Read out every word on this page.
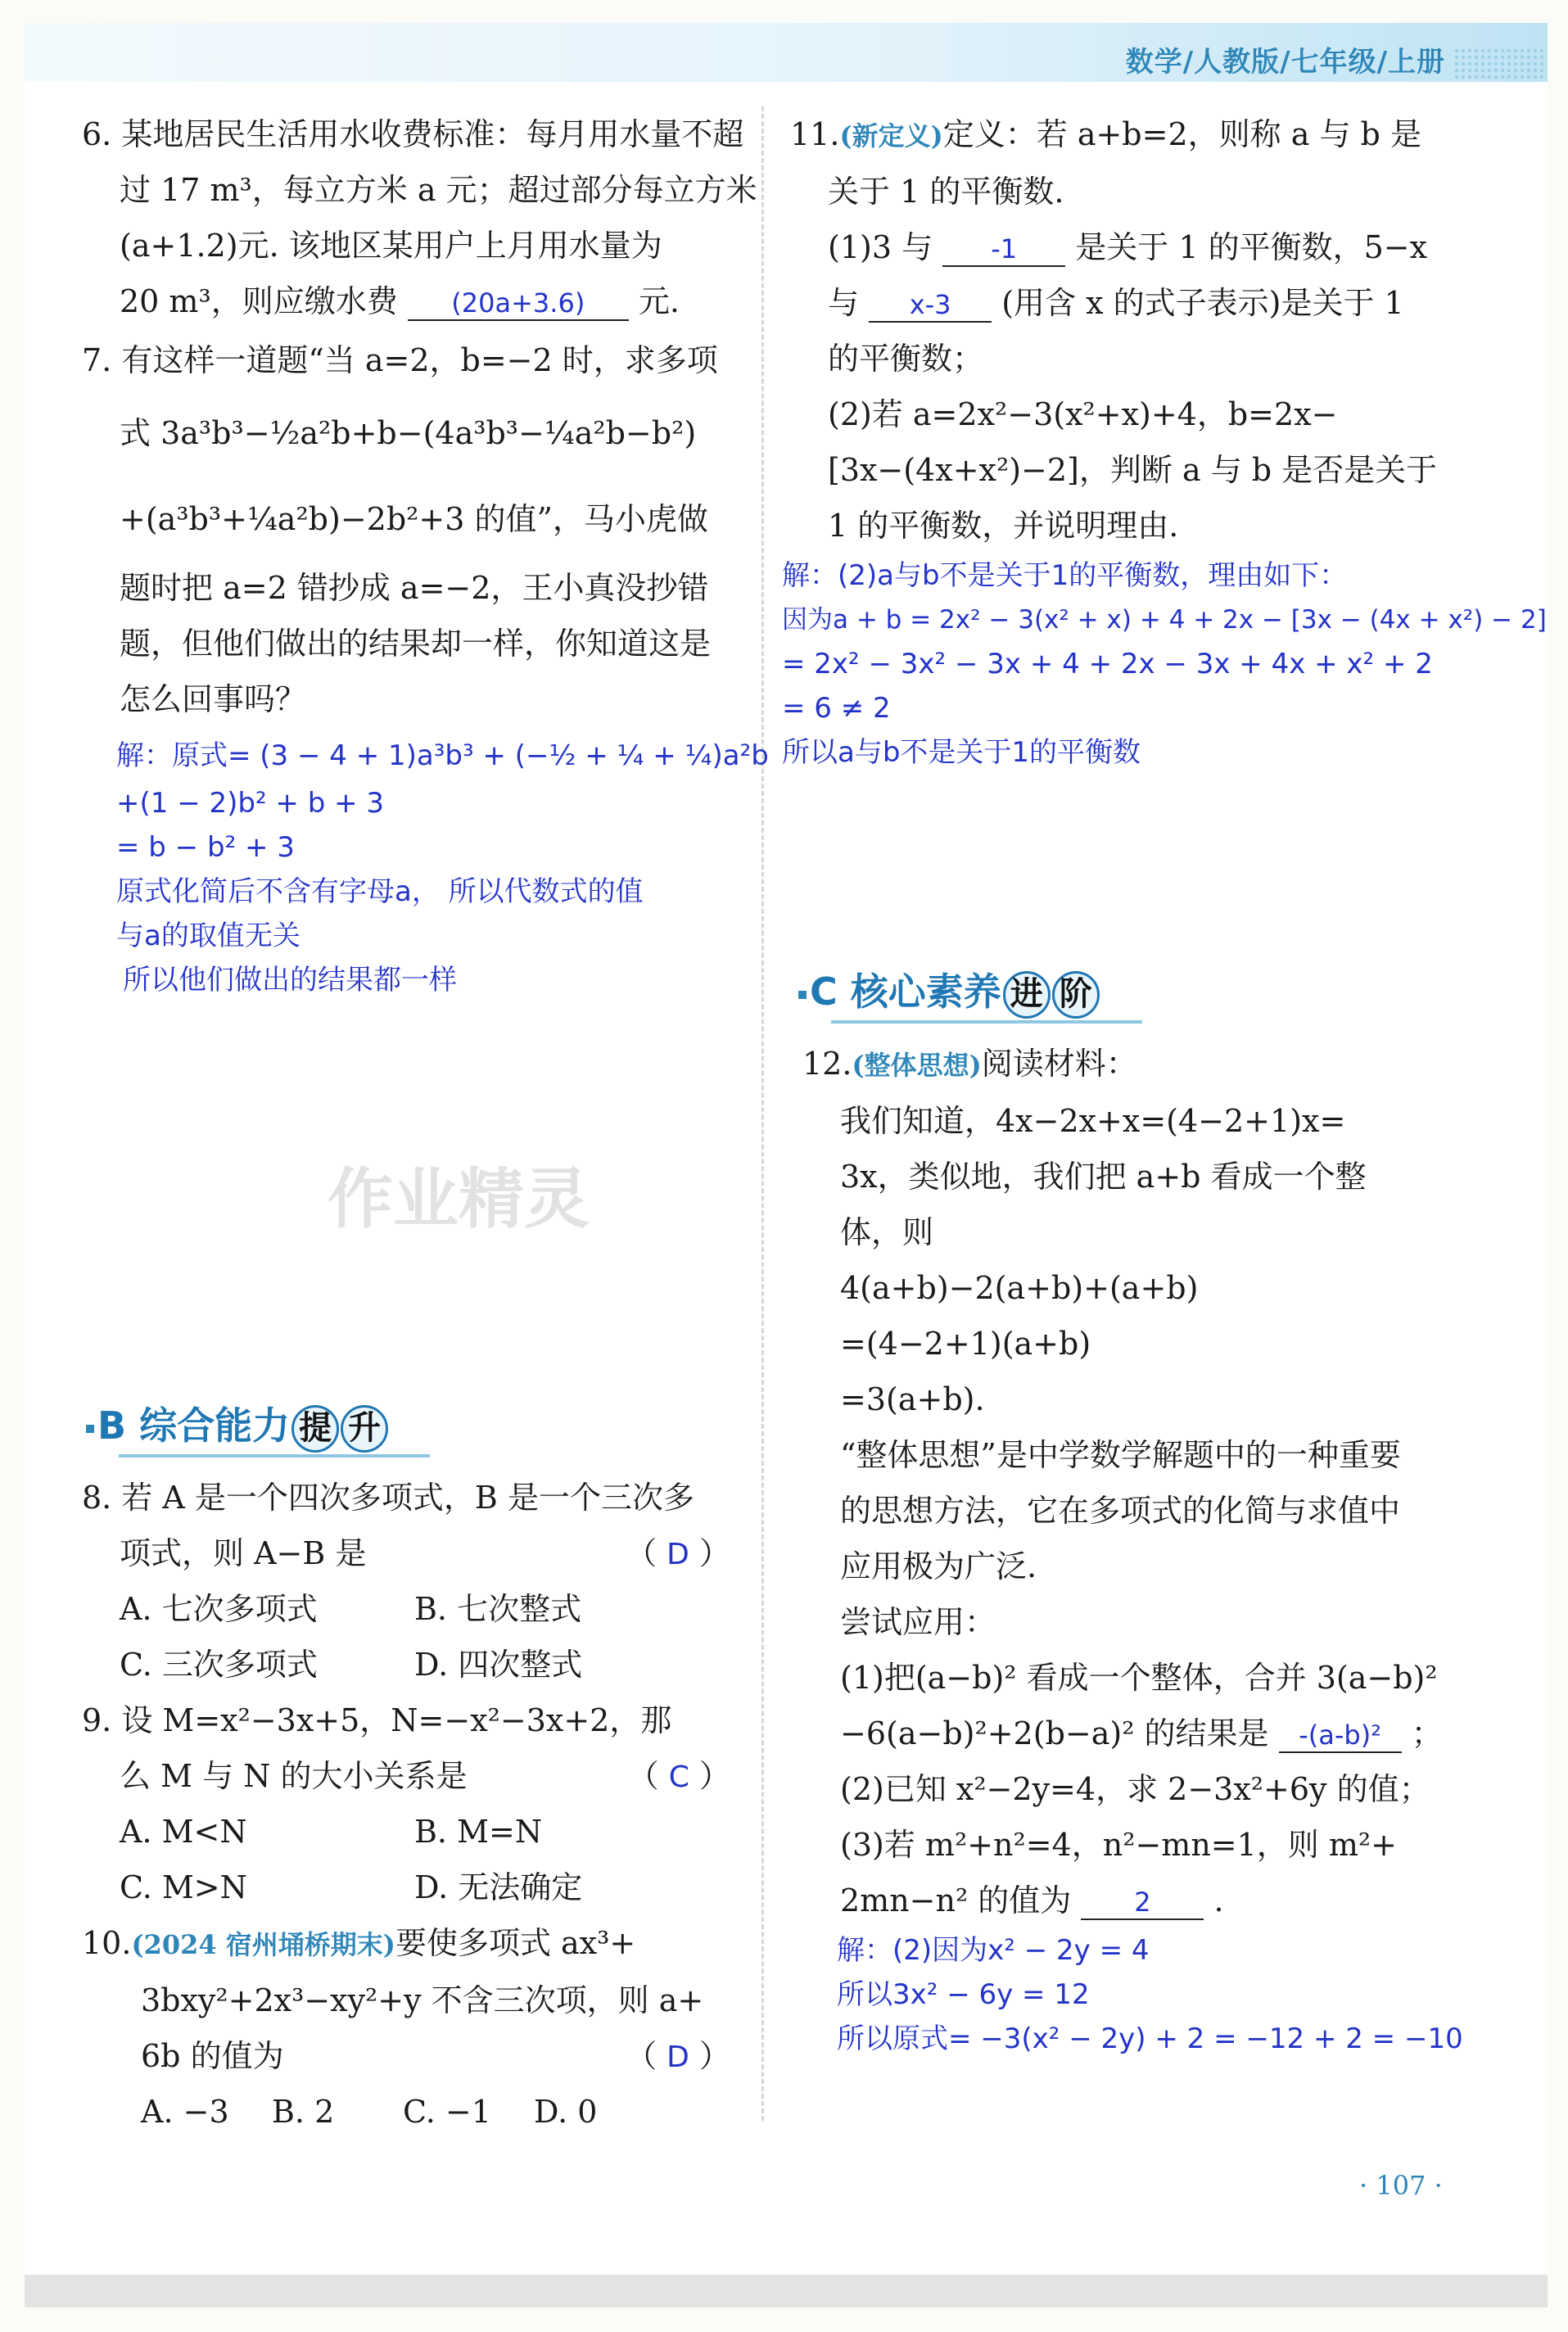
数学/人教版/七年级/上册
6. 某地居民生活用水收费标准：每月用水量不超
过 17 m³，每立方米 a 元；超过部分每立方米
(a+1.2)元. 该地区某用户上月用水量为
20 m³，则应缴水费 (20a+3.6) 元.
7. 有这样一道题“当 a=2，b=−2 时，求多项
式 3a³b³−½a²b+b−(4a³b³−¼a²b−b²)
+(a³b³+¼a²b)−2b²+3 的值”，马小虎做
题时把 a=2 错抄成 a=−2，王小真没抄错
题，但他们做出的结果却一样，你知道这是
怎么回事吗？
解：原式= (3 − 4 + 1)a³b³ + (−½ + ¼ + ¼)a²b
+(1 − 2)b² + b + 3
= b − b² + 3
原式化简后不含有字母a， 所以代数式的值
与a的取值无关
所以他们做出的结果都一样
作业精灵
B 综合能力 提 升
8. 若 A 是一个四次多项式，B 是一个三次多
项式，则 A−B 是	（ D ）
A. 七次多项式	B. 七次整式
C. 三次多项式	D. 四次整式
9. 设 M=x²−3x+5，N=−x²−3x+2，那
么 M 与 N 的大小关系是	（ C ）
A. M<N	B. M=N
C. M>N	D. 无法确定
10.(2024 宿州埇桥期末)要使多项式 ax³+
3bxy²+2x³−xy²+y 不含三次项，则 a+
6b 的值为	（ D ）
A. −3 B. 2 C. −1 D. 0
11.(新定义)定义：若 a+b=2，则称 a 与 b 是
关于 1 的平衡数.
(1)3 与 -1 是关于 1 的平衡数，5−x
与 x-3 (用含 x 的式子表示)是关于 1
的平衡数；
(2)若 a=2x²−3(x²+x)+4，b=2x−
[3x−(4x+x²)−2]，判断 a 与 b 是否是关于
1 的平衡数，并说明理由.
解：(2)a与b不是关于1的平衡数，理由如下：
因为a + b = 2x² − 3(x² + x) + 4 + 2x − [3x − (4x + x²) − 2]
= 2x² − 3x² − 3x + 4 + 2x − 3x + 4x + x² + 2
= 6 ≠ 2
所以a与b不是关于1的平衡数
C 核心素养 进 阶
12.(整体思想)阅读材料：
我们知道，4x−2x+x=(4−2+1)x=
3x，类似地，我们把 a+b 看成一个整
体，则
4(a+b)−2(a+b)+(a+b)
=(4−2+1)(a+b)
=3(a+b).
“整体思想”是中学数学解题中的一种重要
的思想方法，它在多项式的化简与求值中
应用极为广泛.
尝试应用：
(1)把(a−b)² 看成一个整体，合并 3(a−b)²
−6(a−b)²+2(b−a)² 的结果是 -(a-b)² ；
(2)已知 x²−2y=4，求 2−3x²+6y 的值；
(3)若 m²+n²=4，n²−mn=1，则 m²+
2mn−n² 的值为 2 .
解：(2)因为x² − 2y = 4
所以3x² − 6y = 12
所以原式= −3(x² − 2y) + 2 = −12 + 2 = −10
· 107 ·
